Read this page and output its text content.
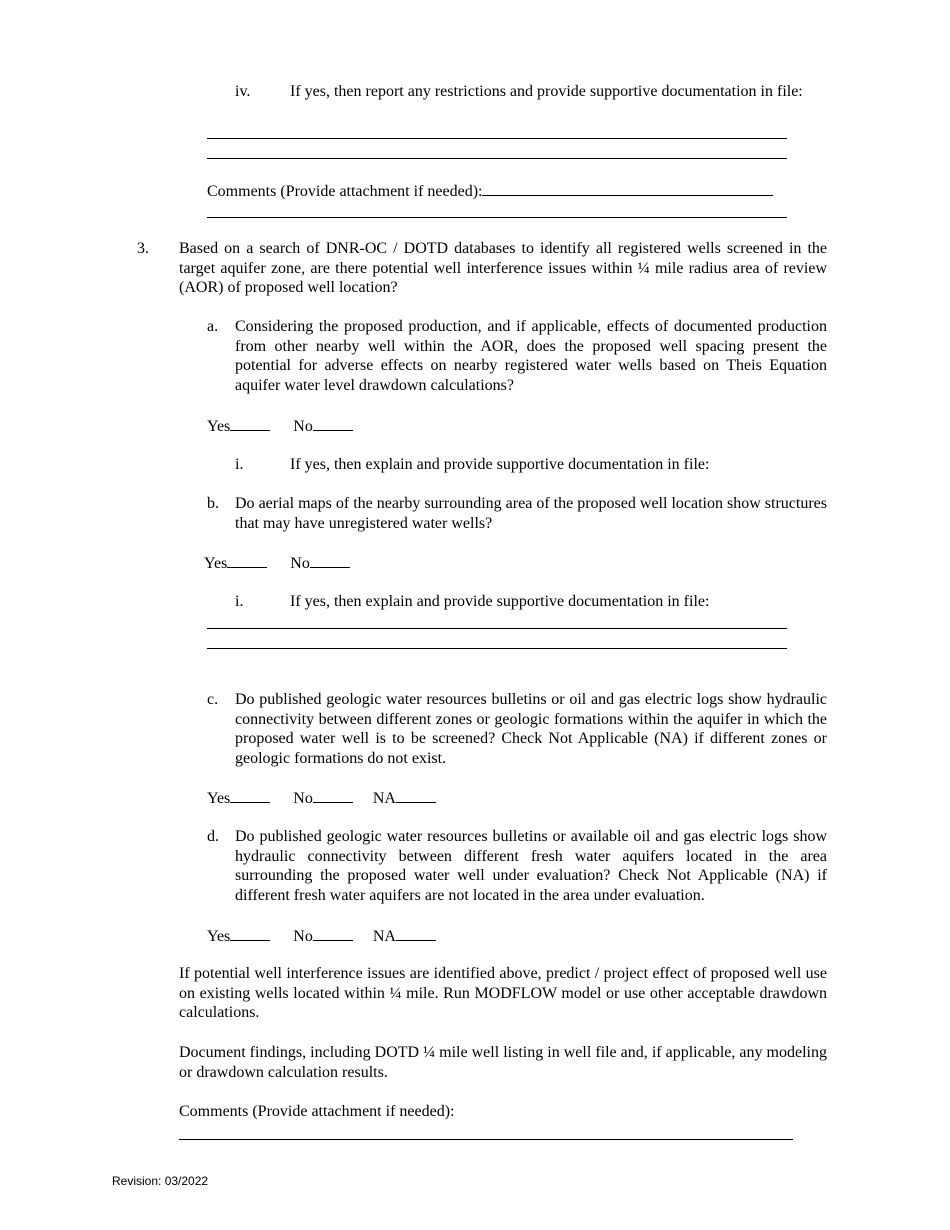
iv. If yes, then report any restrictions and provide supportive documentation in file:
Comments (Provide attachment if needed):
3. Based on a search of DNR-OC / DOTD databases to identify all registered wells screened in the target aquifer zone, are there potential well interference issues within ¼ mile radius area of review (AOR) of proposed well location?
a. Considering the proposed production, and if applicable, effects of documented production from other nearby well within the AOR, does the proposed well spacing present the potential for adverse effects on nearby registered water wells based on Theis Equation aquifer water level drawdown calculations?
Yes	No
i.	If yes, then explain and provide supportive documentation in file:
b. Do aerial maps of the nearby surrounding area of the proposed well location show structures that may have unregistered water wells?
Yes	No
i.	If yes, then explain and provide supportive documentation in file:
c. Do published geologic water resources bulletins or oil and gas electric logs show hydraulic connectivity between different zones or geologic formations within the aquifer in which the proposed water well is to be screened? Check Not Applicable (NA) if different zones or geologic formations do not exist.
Yes	No	NA
d. Do published geologic water resources bulletins or available oil and gas electric logs show hydraulic connectivity between different fresh water aquifers located in the area surrounding the proposed water well under evaluation? Check Not Applicable (NA) if different fresh water aquifers are not located in the area under evaluation.
Yes	No	NA
If potential well interference issues are identified above, predict / project effect of proposed well use on existing wells located within ¼ mile. Run MODFLOW model or use other acceptable drawdown calculations.
Document findings, including DOTD ¼ mile well listing in well file and, if applicable, any modeling or drawdown calculation results.
Comments (Provide attachment if needed):
Revision: 03/2022
